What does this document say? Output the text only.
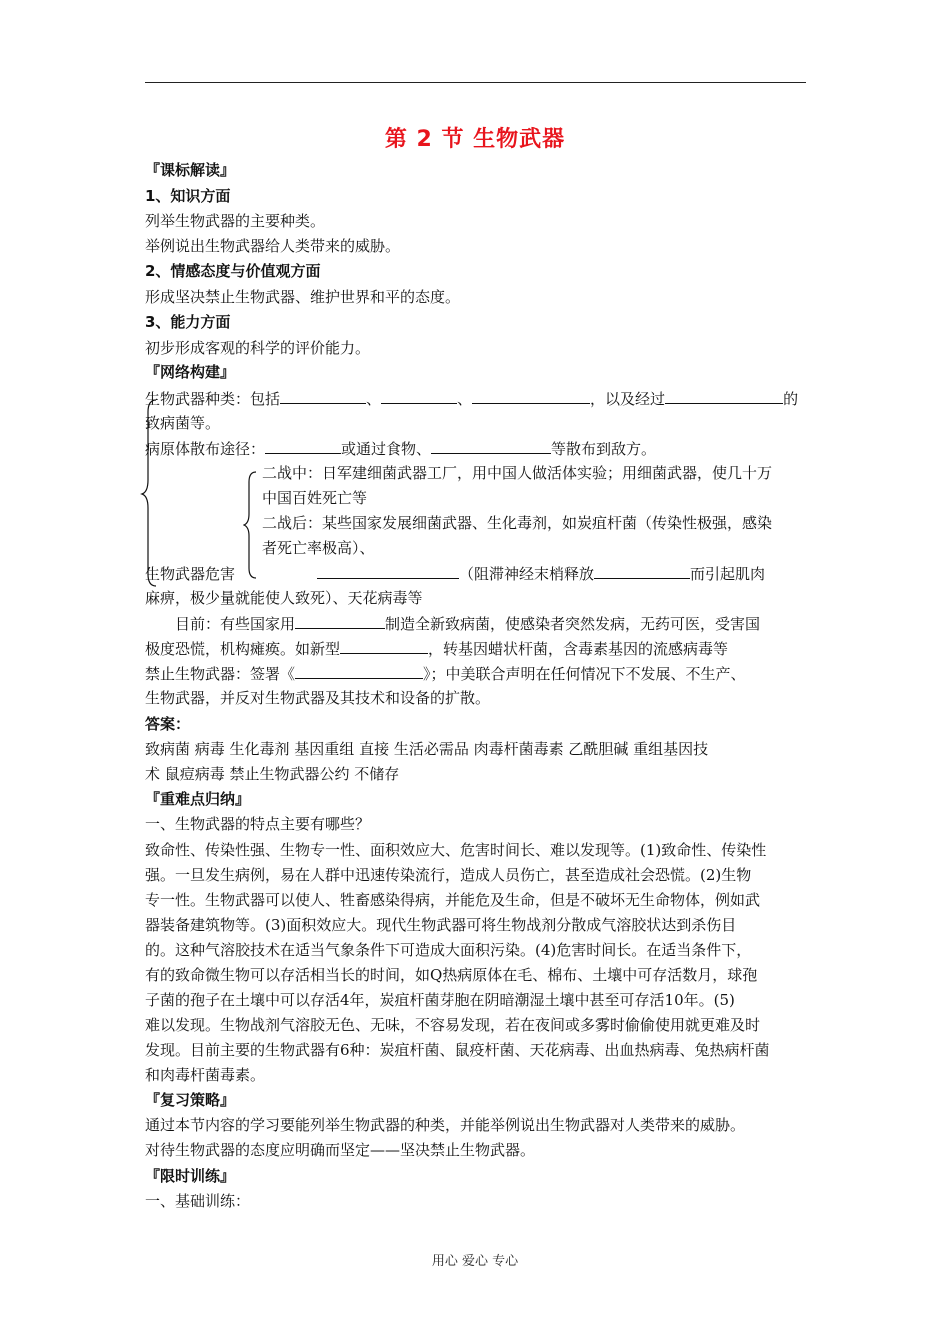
第 2 节 生物武器
『课标解读』
1、知识方面
列举生物武器的主要种类。
举例说出生物武器给人类带来的威胁。
2、情感态度与价值观方面
形成坚决禁止生物武器、维护世界和平的态度。
3、能力方面
初步形成客观的科学的评价能力。
『网络构建』
生物武器种类：包括	、	、	，以及经过	的
致病菌等。
病原体散布途径：	或通过食物、	等散布到敌方。
二战中：日军建细菌武器工厂，用中国人做活体实验；用细菌武器，使几十万
中国百姓死亡等
二战后：某些国家发展细菌武器、生化毒剂，如炭疽杆菌（传染性极强，感染
者死亡率极高）、
生物武器危害	（阻滞神经末梢释放	而引起肌肉
麻痹，极少量就能使人致死）、天花病毒等
目前：有些国家用	制造全新致病菌，使感染者突然发病，无药可医，受害国
极度恐慌，机构瘫痪。如新型	，转基因蜡状杆菌，含毒素基因的流感病毒等
禁止生物武器：签署《	》；中美联合声明在任何情况下不发展、不生产、
生物武器，并反对生物武器及其技术和设备的扩散。
答案：
致病菌 病毒 生化毒剂 基因重组 直接 生活必需品 肉毒杆菌毒素 乙酰胆碱 重组基因技
术 鼠痘病毒 禁止生物武器公约 不储存
『重难点归纳』
一、生物武器的特点主要有哪些？
致命性、传染性强、生物专一性、面积效应大、危害时间长、难以发现等。(1)致命性、传染性
强。一旦发生病例，易在人群中迅速传染流行，造成人员伤亡，甚至造成社会恐慌。(2)生物
专一性。生物武器可以使人、牲畜感染得病，并能危及生命，但是不破坏无生命物体，例如武
器装备建筑物等。(3)面积效应大。现代生物武器可将生物战剂分散成气溶胶状达到杀伤目
的。这种气溶胶技术在适当气象条件下可造成大面积污染。(4)危害时间长。在适当条件下，
有的致命微生物可以存活相当长的时间，如Q热病原体在毛、棉布、土壤中可存活数月，球孢
子菌的孢子在土壤中可以存活4年，炭疽杆菌芽胞在阴暗潮湿土壤中甚至可存活10年。(5)
难以发现。生物战剂气溶胶无色、无味，不容易发现，若在夜间或多雾时偷偷使用就更难及时
发现。目前主要的生物武器有6种：炭疽杆菌、鼠疫杆菌、天花病毒、出血热病毒、兔热病杆菌
和肉毒杆菌毒素。
『复习策略』
通过本节内容的学习要能列举生物武器的种类，并能举例说出生物武器对人类带来的威胁。
对待生物武器的态度应明确而坚定——坚决禁止生物武器。
『限时训练』
一、基础训练：
用心 爱心 专心
